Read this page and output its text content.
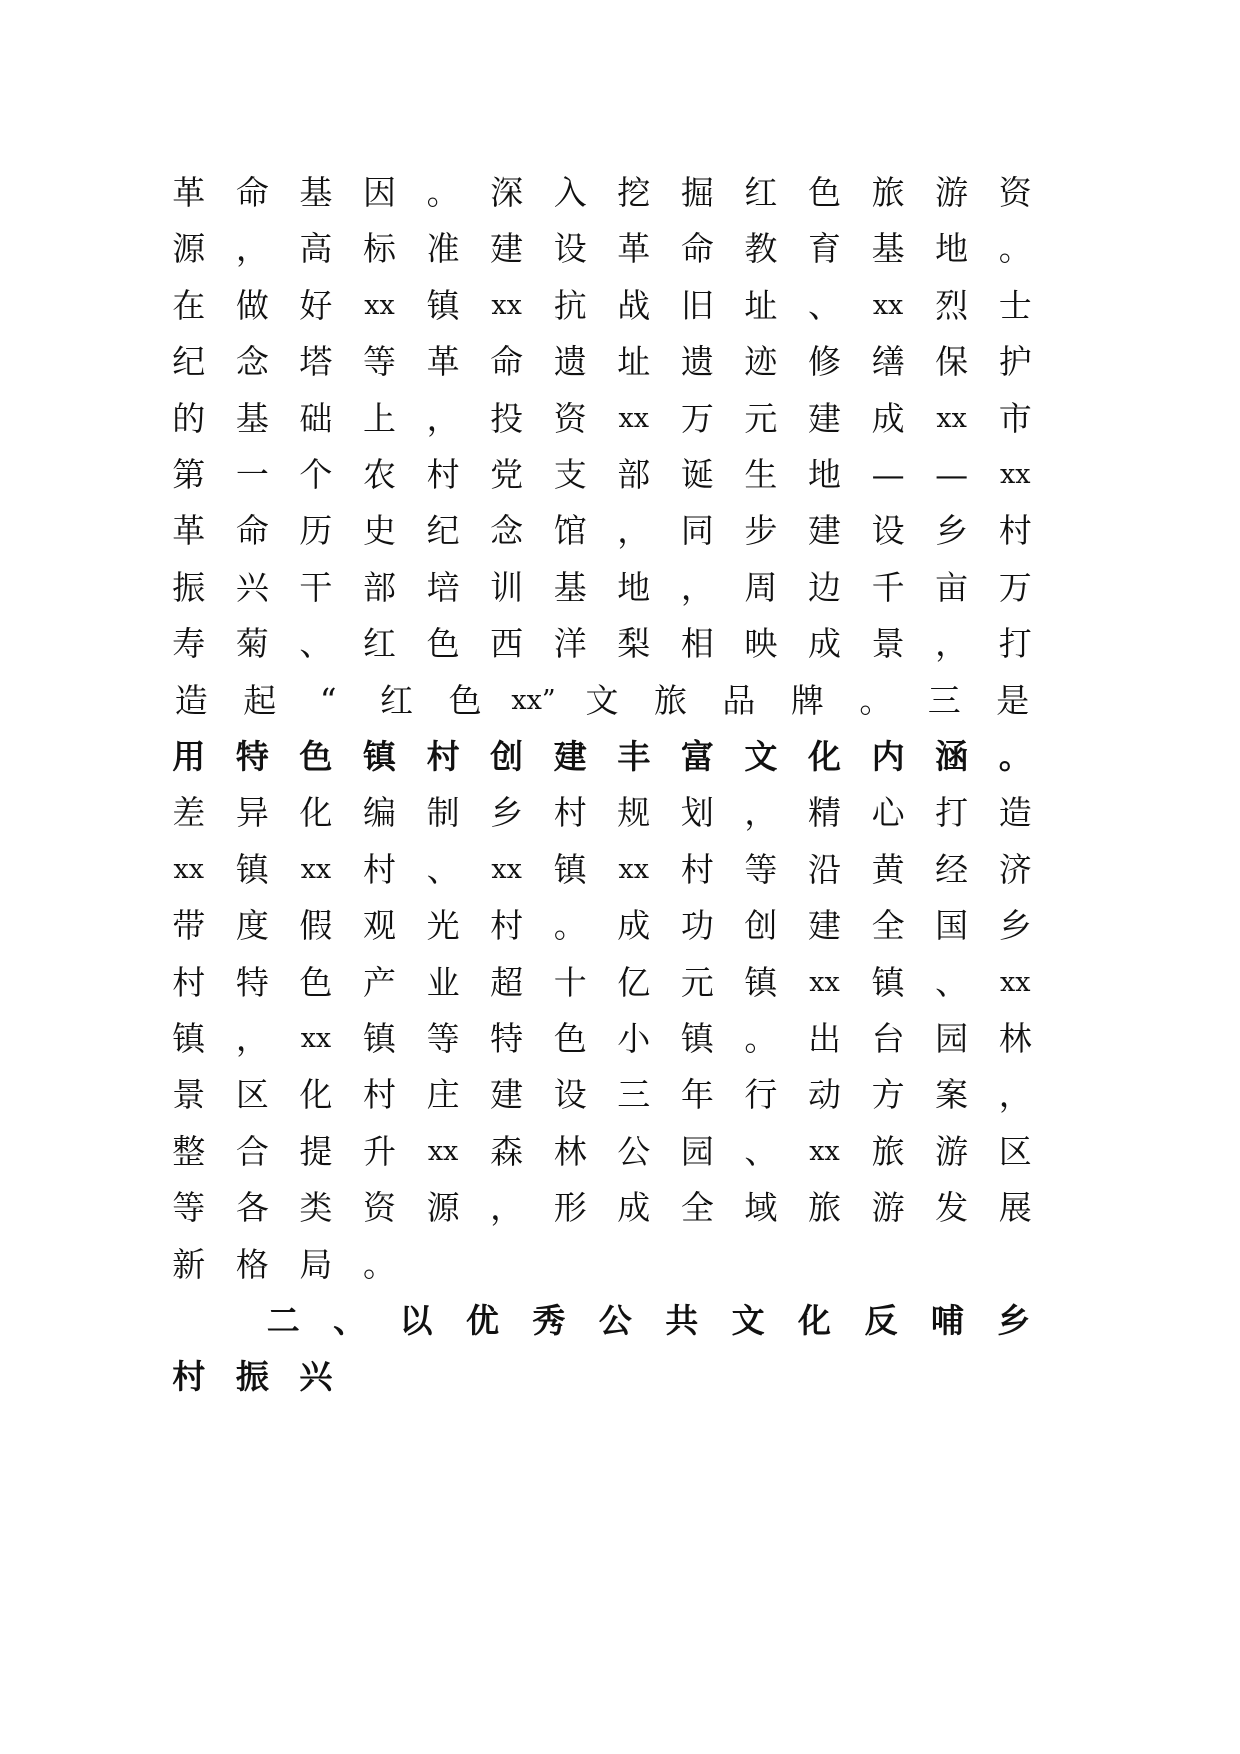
革 命 基 因 。 深 入 挖 掘 红 色 旅 游 资
源 ， 高 标 准 建 设 革 命 教 育 基 地 。
在 做 好 xx 镇 xx 抗 战 旧 址 、 xx 烈 士
纪 念 塔 等 革 命 遗 址 遗 迹 修 缮 保 护
的 基 础 上 ， 投 资 xx 万 元 建 成 xx 市
第 一 个 农 村 党 支 部 诞 生 地 — — xx
革 命 历 史 纪 念 馆 ， 同 步 建 设 乡 村
振 兴 干 部 培 训 基 地 ， 周 边 千 亩 万
寿 菊 、 红 色 西 洋 梨 相 映 成 景 ， 打
造 起 “ 红 色 xx” 文 旅 品 牌 。 三 是
用 特 色 镇 村 创 建 丰 富 文 化 内 涵 。
差 异 化 编 制 乡 村 规 划 ， 精 心 打 造
xx 镇 xx 村 、 xx 镇 xx 村 等 沿 黄 经 济
带 度 假 观 光 村 。 成 功 创 建 全 国 乡
村 特 色 产 业 超 十 亿 元 镇 xx 镇 、 xx
镇 ， xx 镇 等 特 色 小 镇 。 出 台 园 林
景 区 化 村 庄 建 设 三 年 行 动 方 案 ，
整 合 提 升 xx 森 林 公 园 、 xx 旅 游 区
等 各 类 资 源 ， 形 成 全 域 旅 游 发 展
新 格 局 。
二 、 以 优 秀 公 共 文 化 反 哺 乡
村 振 兴
